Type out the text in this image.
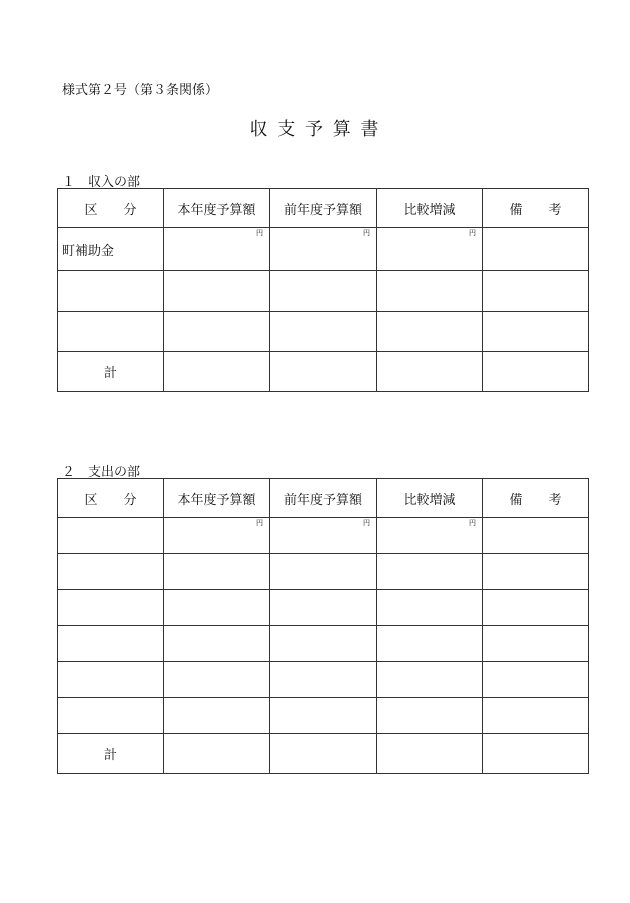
様式第２号（第３条関係）
収 支 予 算 書
１　収入の部
区　　分	本年度予算額	前年度予算額	比較増減	備　　考
町補助金	円	円	円	

計				
２　支出の部
区　　分	本年度予算額	前年度予算額	比較増減	備　　考

	円	円	円	

計				
